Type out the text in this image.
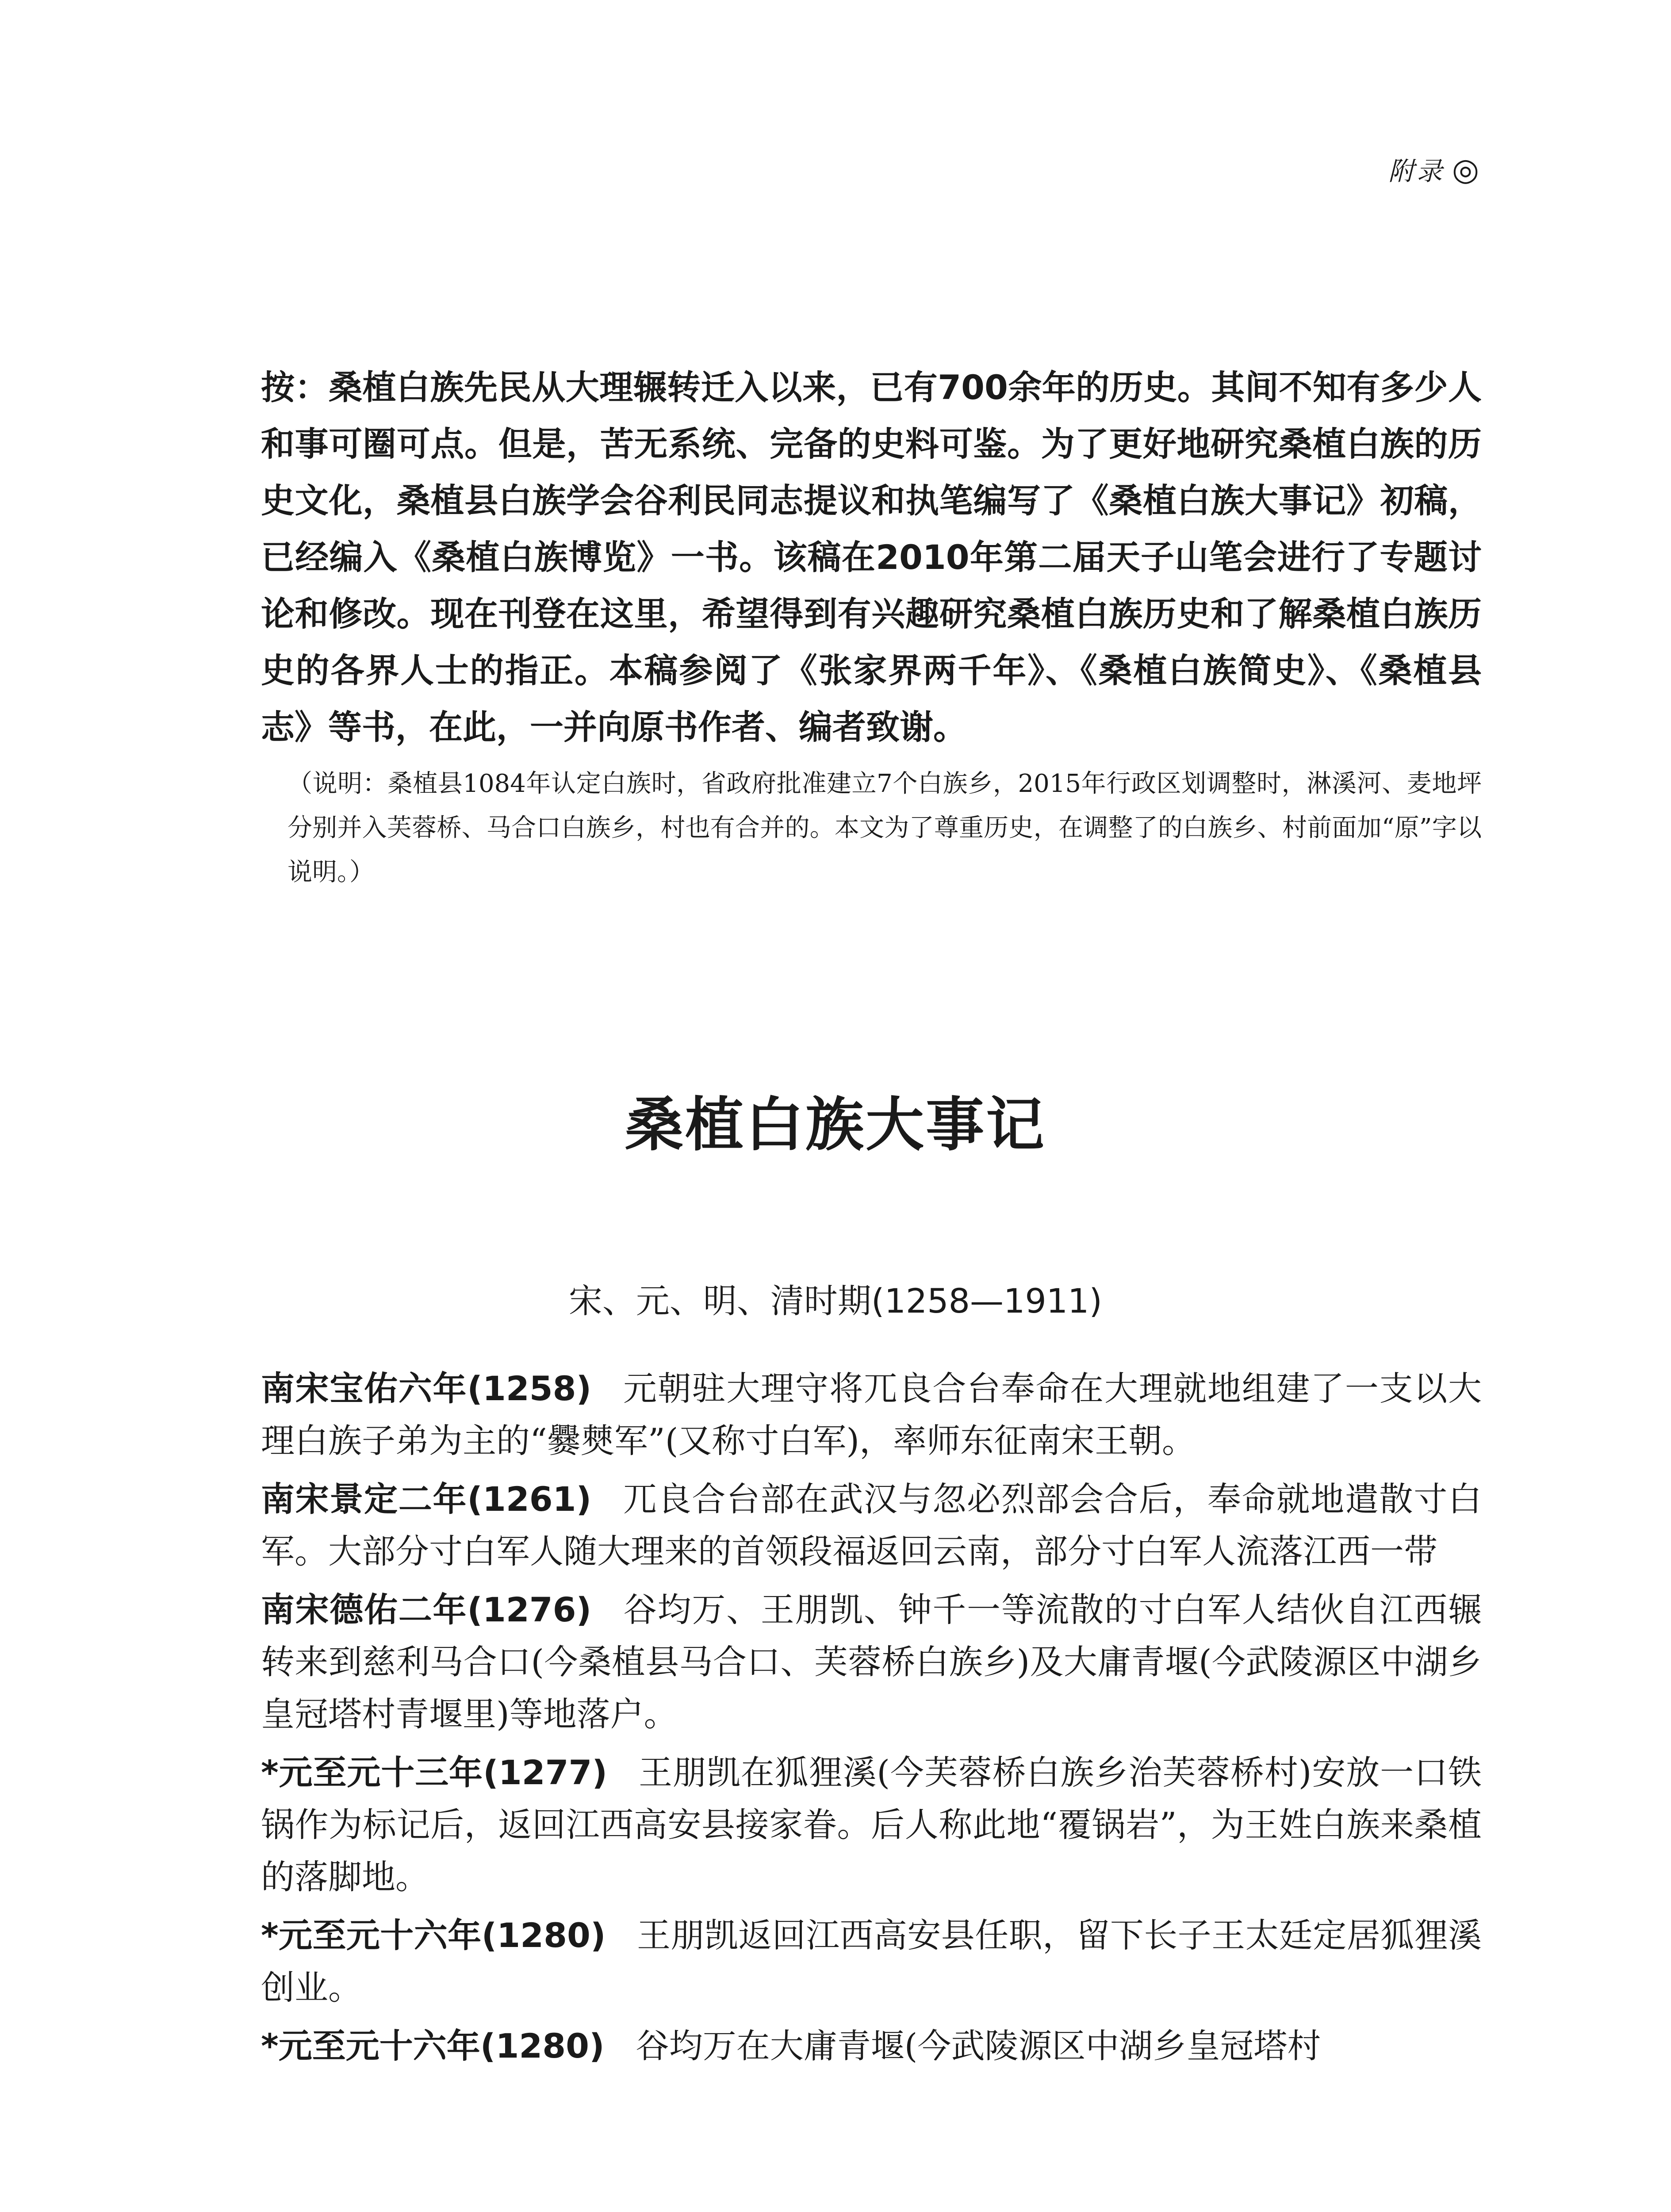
附录 ◎
按：桑植白族先民从大理辗转迁入以来，已有700余年的历史。其间不知有多少人和事可圈可点。但是，苦无系统、完备的史料可鉴。为了更好地研究桑植白族的历史文化，桑植县白族学会谷利民同志提议和执笔编写了《桑植白族大事记》初稿，已经编入《桑植白族博览》一书。该稿在2010年第二届天子山笔会进行了专题讨论和修改。现在刊登在这里，希望得到有兴趣研究桑植白族历史和了解桑植白族历史的各界人士的指正。本稿参阅了《张家界两千年》、《桑植白族简史》、《桑植县志》等书，在此，一并向原书作者、编者致谢。
（说明：桑植县1084年认定白族时，省政府批准建立7个白族乡，2015年行政区划调整时，淋溪河、麦地坪分别并入芙蓉桥、马合口白族乡，村也有合并的。本文为了尊重历史，在调整了的白族乡、村前面加“原”字以说明。）
桑植白族大事记
宋、元、明、清时期(1258—1911)

南宋宝佑六年(1258) 元朝驻大理守将兀良合台奉命在大理就地组建了一支以大理白族子弟为主的“爨僰军”(又称寸白军)，率师东征南宋王朝。

南宋景定二年(1261) 兀良合台部在武汉与忽必烈部会合后，奉命就地遣散寸白军。大部分寸白军人随大理来的首领段福返回云南，部分寸白军人流落江西一带

南宋德佑二年(1276) 谷均万、王朋凯、钟千一等流散的寸白军人结伙自江西辗转来到慈利马合口(今桑植县马合口、芙蓉桥白族乡)及大庸青堰(今武陵源区中湖乡皇冠塔村青堰里)等地落户。

*元至元十三年(1277) 王朋凯在狐狸溪(今芙蓉桥白族乡治芙蓉桥村)安放一口铁锅作为标记后，返回江西高安县接家眷。后人称此地“覆锅岩”，为王姓白族来桑植的落脚地。

*元至元十六年(1280) 王朋凯返回江西高安县任职，留下长子王太廷定居狐狸溪创业。

*元至元十六年(1280) 谷均万在大庸青堰(今武陵源区中湖乡皇冠塔村
